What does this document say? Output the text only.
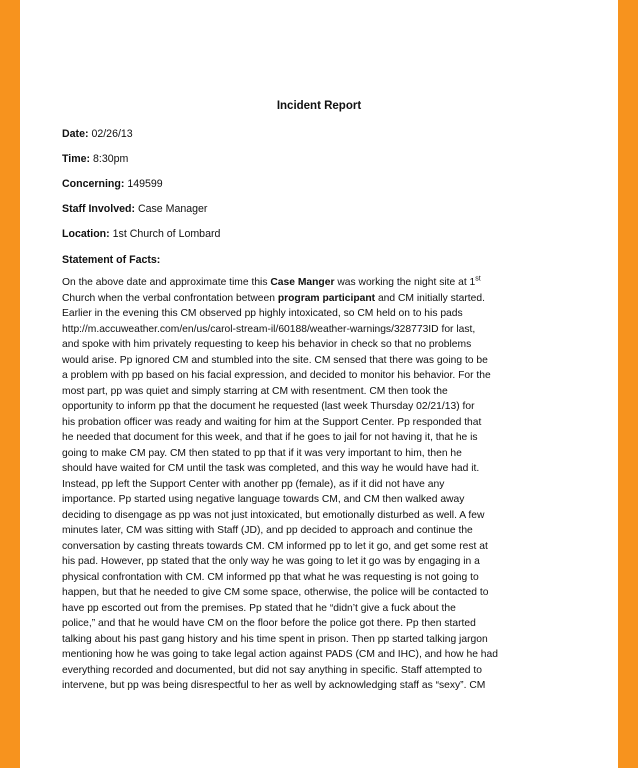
Incident Report
Date: 02/26/13
Time: 8:30pm
Concerning: 149599
Staff Involved: Case Manager
Location: 1st Church of Lombard
Statement of Facts:
On the above date and approximate time this Case Manger was working the night site at 1st
Church when the verbal confrontation between program participant and CM initially started.
Earlier in the evening this CM observed pp highly intoxicated, so CM held on to his pads
http://m.accuweather.com/en/us/carol-stream-il/60188/weather-warnings/328773ID for last,
and spoke with him privately requesting to keep his behavior in check so that no problems
would arise. Pp ignored CM and stumbled into the site. CM sensed that there was going to be
a problem with pp based on his facial expression, and decided to monitor his behavior. For the
most part, pp was quiet and simply starring at CM with resentment. CM then took the
opportunity to inform pp that the document he requested (last week Thursday 02/21/13) for
his probation officer was ready and waiting for him at the Support Center. Pp responded that
he needed that document for this week, and that if he goes to jail for not having it, that he is
going to make CM pay. CM then stated to pp that if it was very important to him, then he
should have waited for CM until the task was completed, and this way he would have had it.
Instead, pp left the Support Center with another pp (female), as if it did not have any
importance. Pp started using negative language towards CM, and CM then walked away
deciding to disengage as pp was not just intoxicated, but emotionally disturbed as well. A few
minutes later, CM was sitting with Staff (JD), and pp decided to approach and continue the
conversation by casting threats towards CM. CM informed pp to let it go, and get some rest at
his pad. However, pp stated that the only way he was going to let it go was by engaging in a
physical confrontation with CM. CM informed pp that what he was requesting is not going to
happen, but that he needed to give CM some space, otherwise, the police will be contacted to
have pp escorted out from the premises. Pp stated that he “didn’t give a fuck about the
police,” and that he would have CM on the floor before the police got there. Pp then started
talking about his past gang history and his time spent in prison. Then pp started talking jargon
mentioning how he was going to take legal action against PADS (CM and IHC), and how he had
everything recorded and documented, but did not say anything in specific. Staff attempted to
intervene, but pp was being disrespectful to her as well by acknowledging staff as “sexy”. CM
